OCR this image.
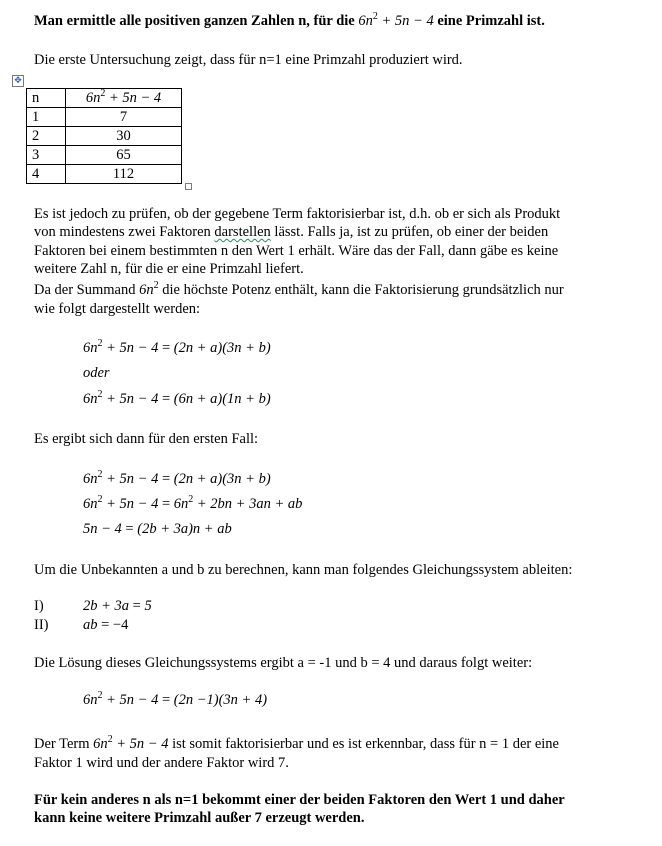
✥
n	$6n^2 + 5n - 4$
1	7
2	30
3	65
4	112
Man ermittle alle positiven ganzen Zahlen n, für die $6n^2 + 5n - 4$ eine Primzahl ist.
Die erste Untersuchung zeigt, dass für n=1 eine Primzahl produziert wird.
Es ist jedoch zu prüfen, ob der gegebene Term faktorisierbar ist, d.h. ob er sich als Produkt
von mindestens zwei Faktoren darstellen lässt. Falls ja, ist zu prüfen, ob einer der beiden
Faktoren bei einem bestimmten n den Wert 1 erhält. Wäre das der Fall, dann gäbe es keine
weitere Zahl n, für die er eine Primzahl liefert.
Da der Summand $6n^2$ die höchste Potenz enthält, kann die Faktorisierung grundsätzlich nur
wie folgt dargestellt werden:
$6n^2 + 5n - 4 = (2n + a)(3n + b)$
oder
$6n^2 + 5n - 4 = (6n + a)(1n + b)$
Es ergibt sich dann für den ersten Fall:
$6n^2 + 5n - 4 = (2n + a)(3n + b)$
$6n^2 + 5n - 4 = 6n^2 + 2bn + 3an$ + ab
5n − 4 = (2b + 3a)n + ab
Um die Unbekannten a und b zu berechnen, kann man folgendes Gleichungssystem ableiten:
I)	2b + 3a = 5
II) ab = −4
Die Lösung dieses Gleichungssystems ergibt a = -1 und b = 4 und daraus folgt weiter:
$6n^2 + 5n - 4 = (2n -1)(3n + 4)$
Der Term $6n^2 + 5n - 4$ ist somit faktorisierbar und es ist erkennbar, dass für n = 1 der eine
Faktor 1 wird und der andere Faktor wird 7.
Für kein anderes n als n=1 bekommt einer der beiden Faktoren den Wert 1 und daher
kann keine weitere Primzahl außer 7 erzeugt werden.
